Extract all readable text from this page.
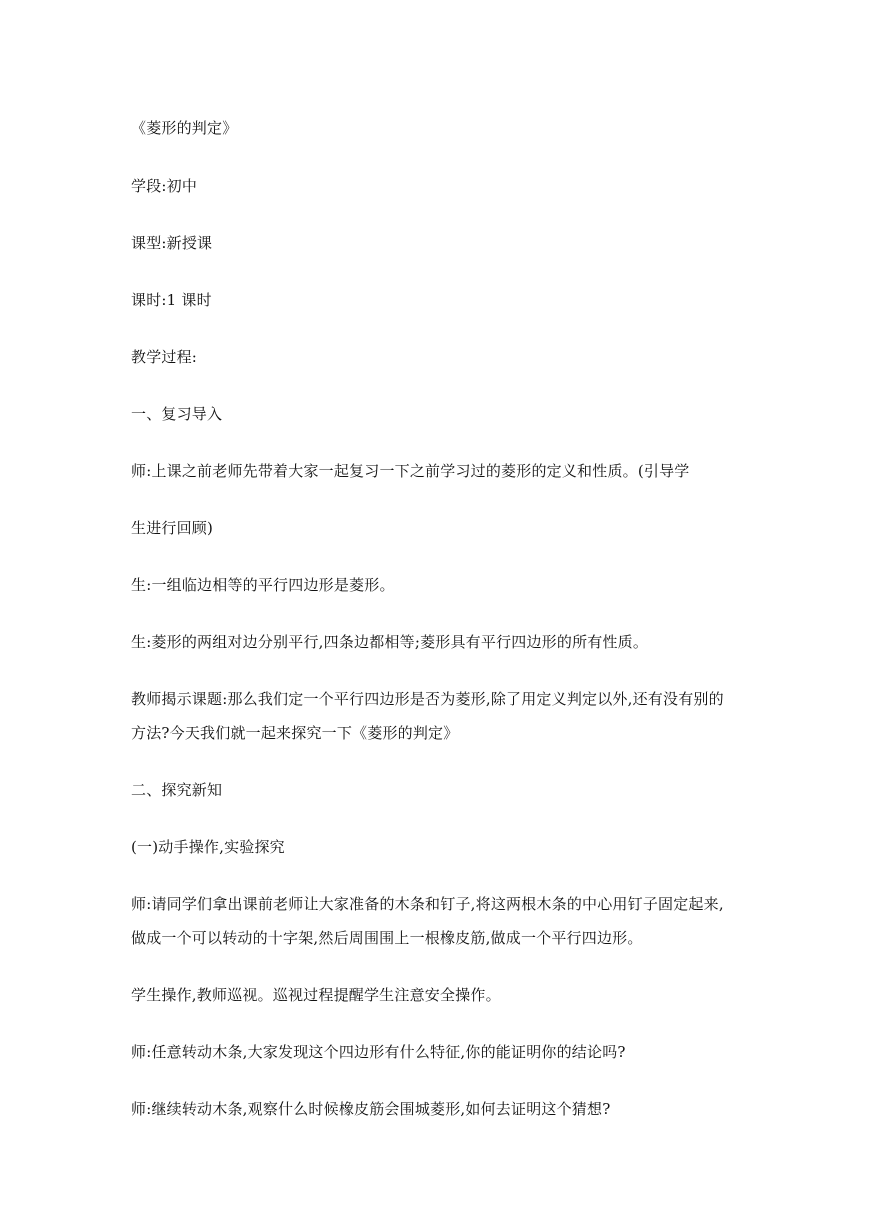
《菱形的判定》
学段:初中
课型:新授课
课时:1 课时
教学过程:
一、复习导入
师:上课之前老师先带着大家一起复习一下之前学习过的菱形的定义和性质。(引导学
生进行回顾)
生:一组临边相等的平行四边形是菱形。
生:菱形的两组对边分别平行,四条边都相等;菱形具有平行四边形的所有性质。
教师揭示课题:那么我们定一个平行四边形是否为菱形,除了用定义判定以外,还有没有别的
方法?今天我们就一起来探究一下《菱形的判定》
二、探究新知
(一)动手操作,实验探究
师:请同学们拿出课前老师让大家准备的木条和钉子,将这两根木条的中心用钉子固定起来,
做成一个可以转动的十字架,然后周围围上一根橡皮筋,做成一个平行四边形。
学生操作,教师巡视。巡视过程提醒学生注意安全操作。
师:任意转动木条,大家发现这个四边形有什么特征,你的能证明你的结论吗?
师:继续转动木条,观察什么时候橡皮筋会围城菱形,如何去证明这个猜想?
